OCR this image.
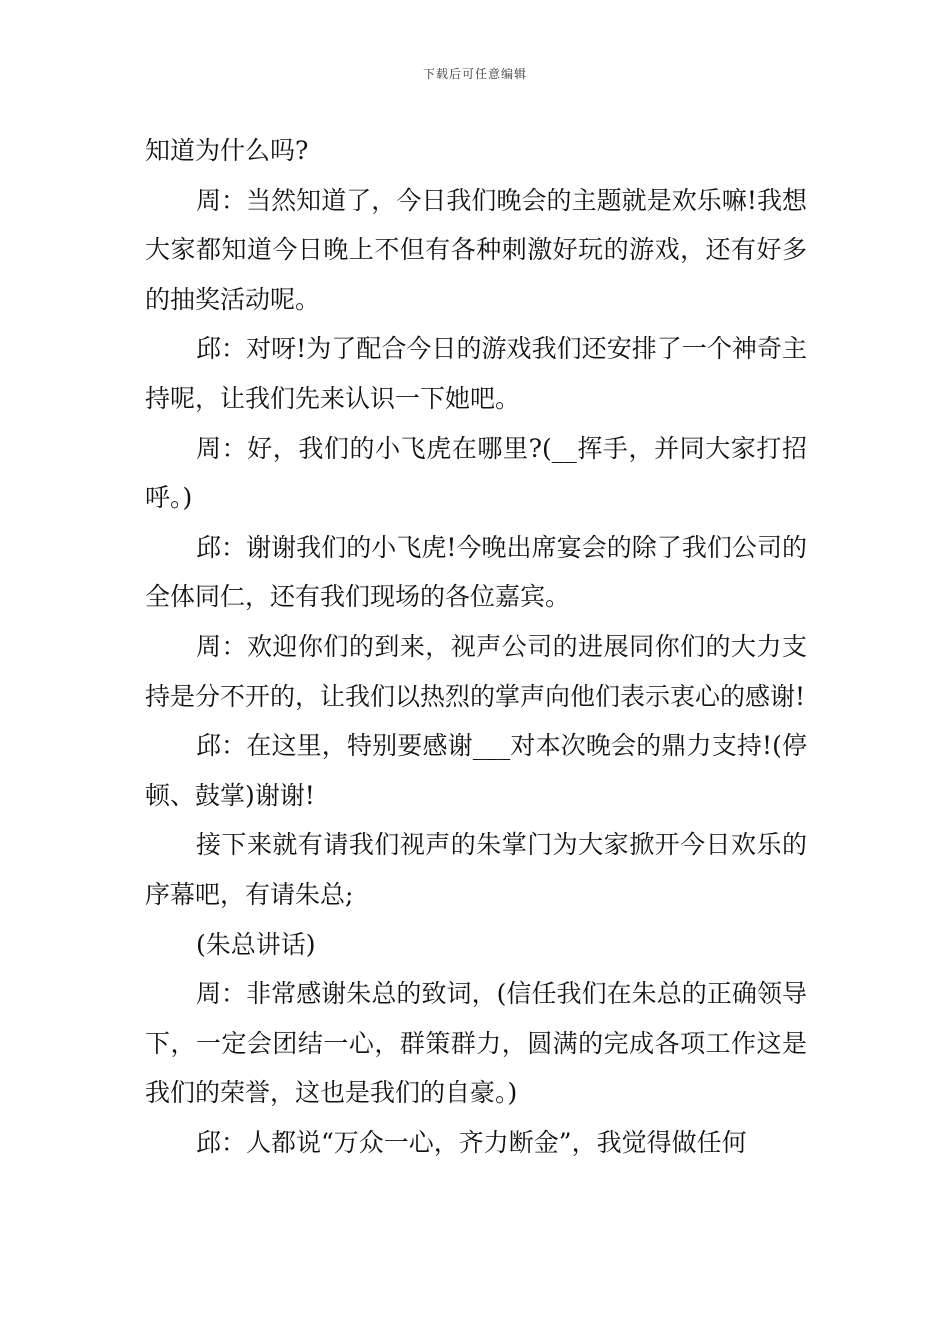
下载后可任意编辑

知道为什么吗?

周：当然知道了，今日我们晚会的主题就是欢乐嘛!我想大家都知道今日晚上不但有各种刺激好玩的游戏，还有好多的抽奖活动呢。

邱：对呀!为了配合今日的游戏我们还安排了一个神奇主持呢，让我们先来认识一下她吧。

周：好，我们的小飞虎在哪里?(__挥手，并同大家打招呼。)

邱：谢谢我们的小飞虎!今晚出席宴会的除了我们公司的全体同仁，还有我们现场的各位嘉宾。

周：欢迎你们的到来，视声公司的进展同你们的大力支持是分不开的，让我们以热烈的掌声向他们表示衷心的感谢!

邱：在这里，特别要感谢___对本次晚会的鼎力支持!(停顿、鼓掌)谢谢!

接下来就有请我们视声的朱掌门为大家掀开今日欢乐的序幕吧，有请朱总;

(朱总讲话)

周：非常感谢朱总的致词，(信任我们在朱总的正确领导下，一定会团结一心，群策群力，圆满的完成各项工作这是我们的荣誉，这也是我们的自豪。)

邱：人都说“万众一心，齐力断金”，我觉得做任何
